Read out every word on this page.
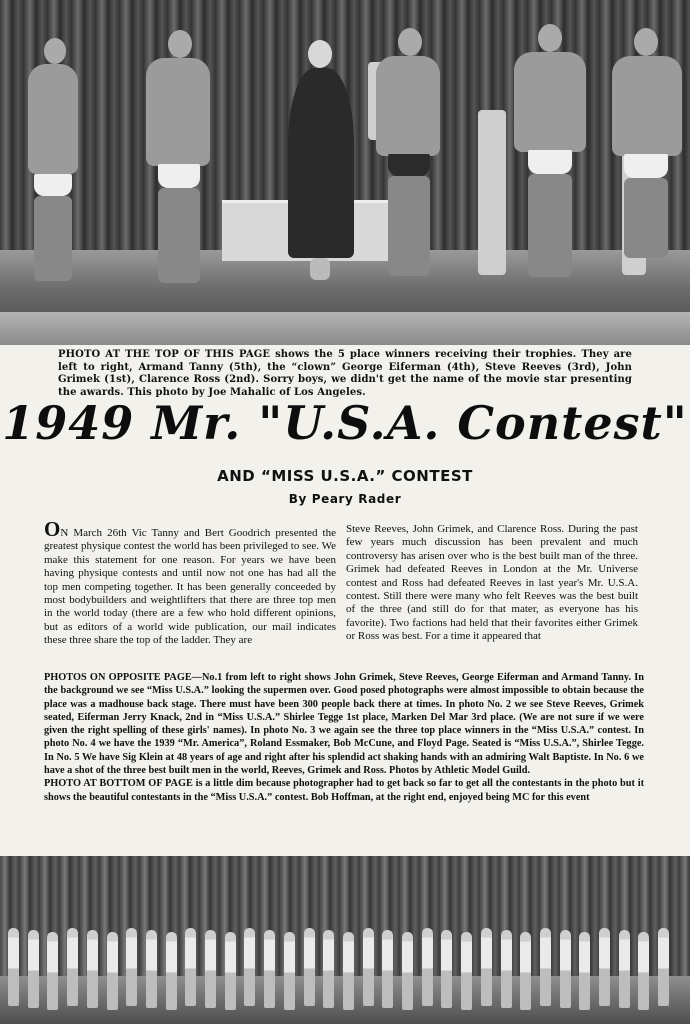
PHOTO AT THE TOP OF THIS PAGE shows the 5 place winners receiving their trophies. They are left to right, Armand Tanny (5th), the “clown” George Eiferman (4th), Steve Reeves (3rd), John Grimek (1st), Clarence Ross (2nd). Sorry boys, we didn't get the name of the movie star presenting the awards. This photo by Joe Mahalic of Los Angeles.
1949 Mr. "U.S.A. Contest"
AND “MISS U.S.A.” CONTEST
By Peary Rader
ON March 26th Vic Tanny and Bert Goodrich presented the greatest physique contest the world has been privileged to see. We make this statement for one reason. For years we have been having physique contests and until now not one has had all the top men competing together. It has been generally conceeded by most bodybuilders and weightlifters that there are three top men in the world today (there are a few who hold different opinions, but as editors of a world wide publication, our mail indicates these three share the top of the ladder. They are
Steve Reeves, John Grimek, and Clarence Ross. During the past few years much discussion has been prevalent and much controversy has arisen over who is the best built man of the three. Grimek had defeated Reeves in London at the Mr. Universe contest and Ross had defeated Reeves in last year's Mr. U.S.A. contest. Still there were many who felt Reeves was the best built of the three (and still do for that mater, as everyone has his favorite). Two factions had held that their favorites either Grimek or Ross was best. For a time it appeared that

PHOTOS ON OPPOSITE PAGE—No.1 from left to right shows John Grimek, Steve Reeves, George Eiferman and Armand Tanny. In the background we see “Miss U.S.A.” looking the supermen over. Good posed photographs were almost impossible to obtain because the place was a madhouse back stage. There must have been 300 people back there at times. In photo No. 2 we see Steve Reeves, Grimek seated, Eiferman Jerry Knack, 2nd in “Miss U.S.A.” Shirlee Tegge 1st place, Marken Del Mar 3rd place. (We are not sure if we were given the right spelling of these girls' names). In photo No. 3 we again see the three top place winners in the “Miss U.S.A.” contest. In photo No. 4 we have the 1939 “Mr. America”, Roland Essmaker, Bob McCune, and Floyd Page. Seated is “Miss U.S.A.”, Shirlee Tegge. In No. 5 We have Sig Klein at 48 years of age and right after his splendid act shaking hands with an admiring Walt Baptiste. In No. 6 we have a shot of the three best built men in the world, Reeves, Grimek and Ross. Photos by Athletic Model Guild.

PHOTO AT BOTTOM OF PAGE is a little dim because photographer had to get back so far to get all the contestants in the photo but it shows the beautiful contestants in the “Miss U.S.A.” contest. Bob Hoffman, at the right end, enjoyed being MC for this event
